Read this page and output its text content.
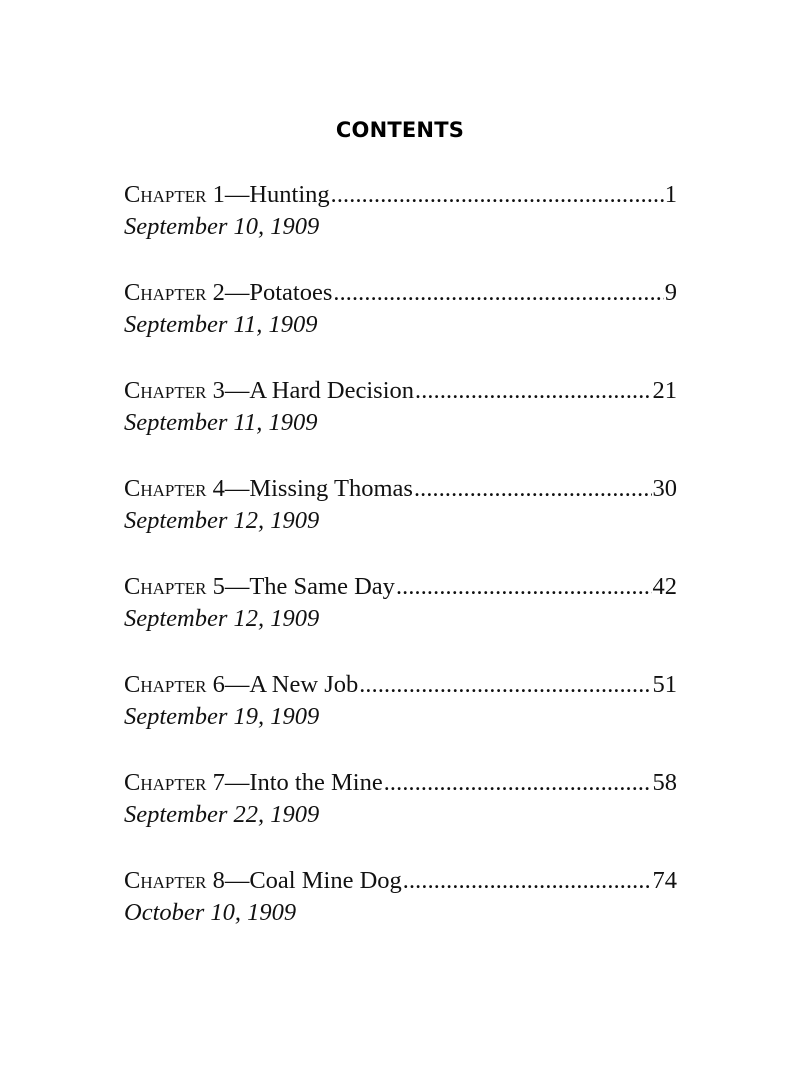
CONTENTS
Chapter
1 — Hunting .....	1
September 10, 1909
Chapter
2 — Potatoes .....	9
September 11, 1909
Chapter
3 — A Hard Decision .....	21
September 11, 1909
Chapter
4 — Missing Thomas .....	30
September 12, 1909
Chapter
5 — The Same Day .....	42
September 12, 1909
Chapter
6 — A New Job .....	51
September 19, 1909
Chapter
7 — Into the Mine .....	58
September 22, 1909
Chapter
8 — Coal Mine Dog .....	74
October 10, 1909
